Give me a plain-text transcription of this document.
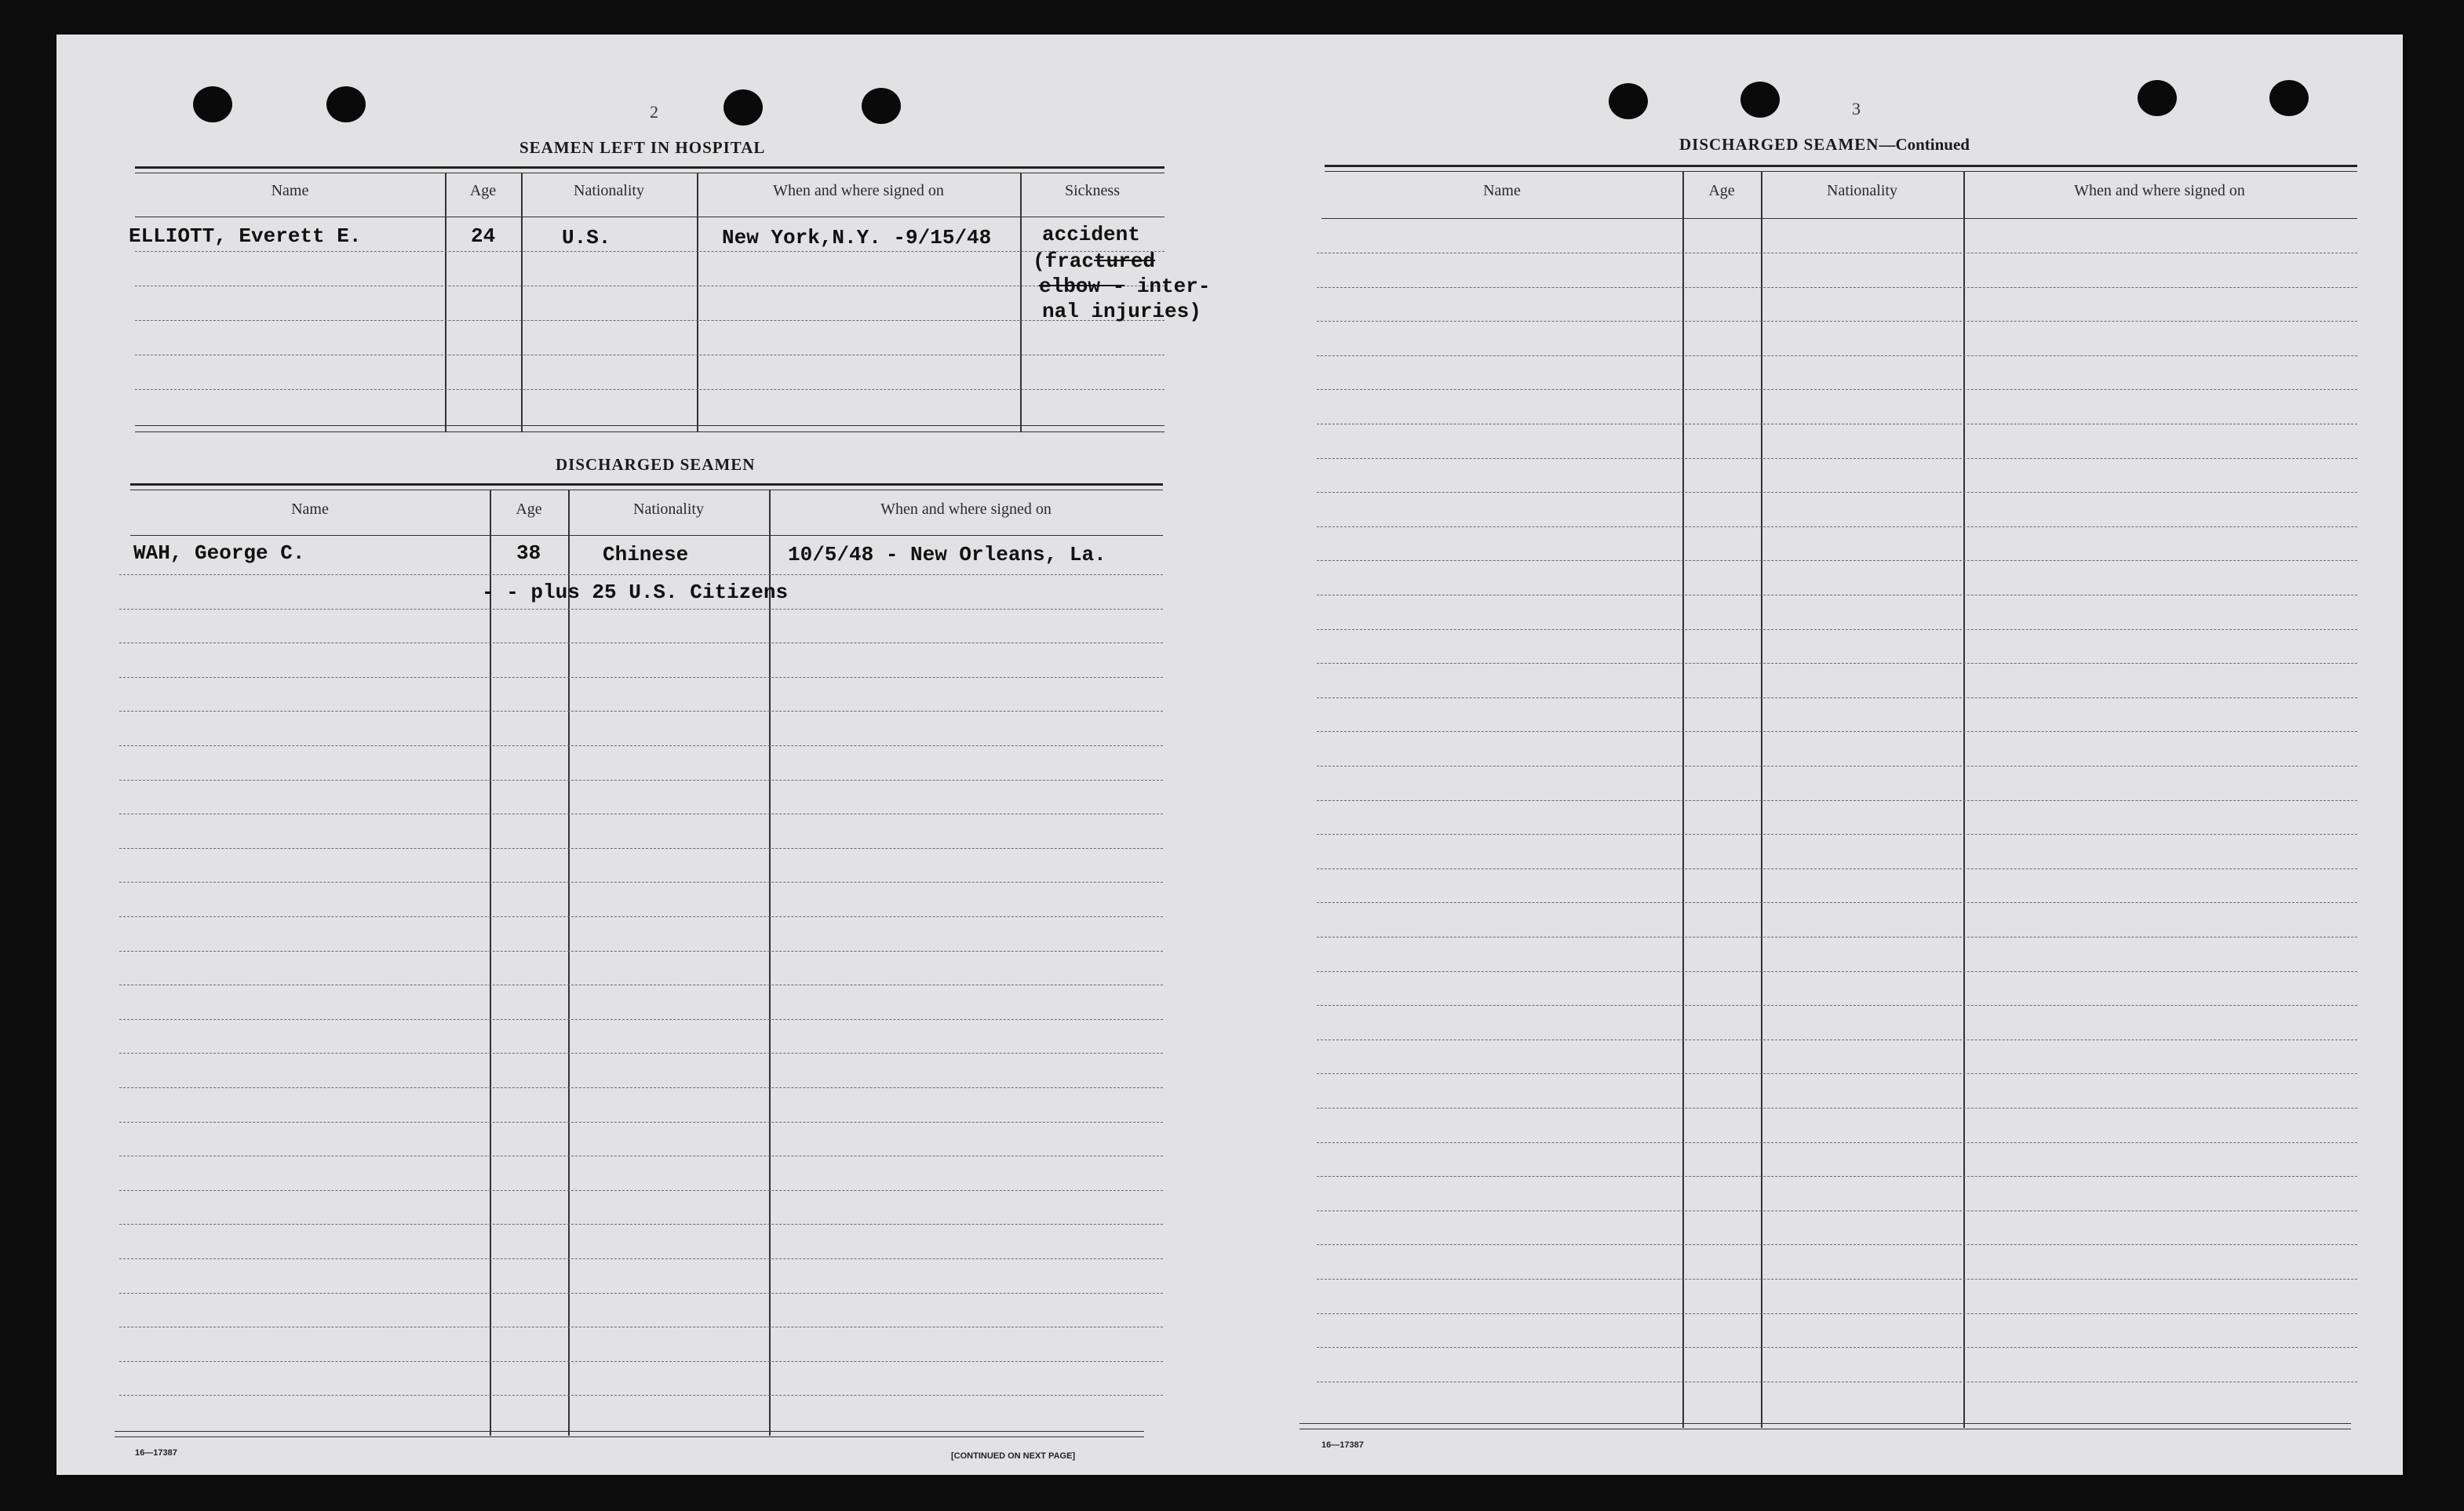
2
SEAMEN LEFT IN HOSPITAL
Name	Age	Nationality	When and where signed on	Sickness
ELLIOTT, Everett E.	24	U.S.	New York,N.Y. -9/15/48 accident
(fractured
elbow - inter-
nal injuries)
DISCHARGED SEAMEN
Name	Age	Nationality	When and where signed on
WAH, George C.	38	Chinese	10/5/48 - New Orleans, La.
- - plus 25 U.S. Citizens
16—17387	[CONTINUED ON NEXT PAGE]
3
DISCHARGED SEAMEN—Continued
Name	Age	Nationality	When and where signed on
16—17387
